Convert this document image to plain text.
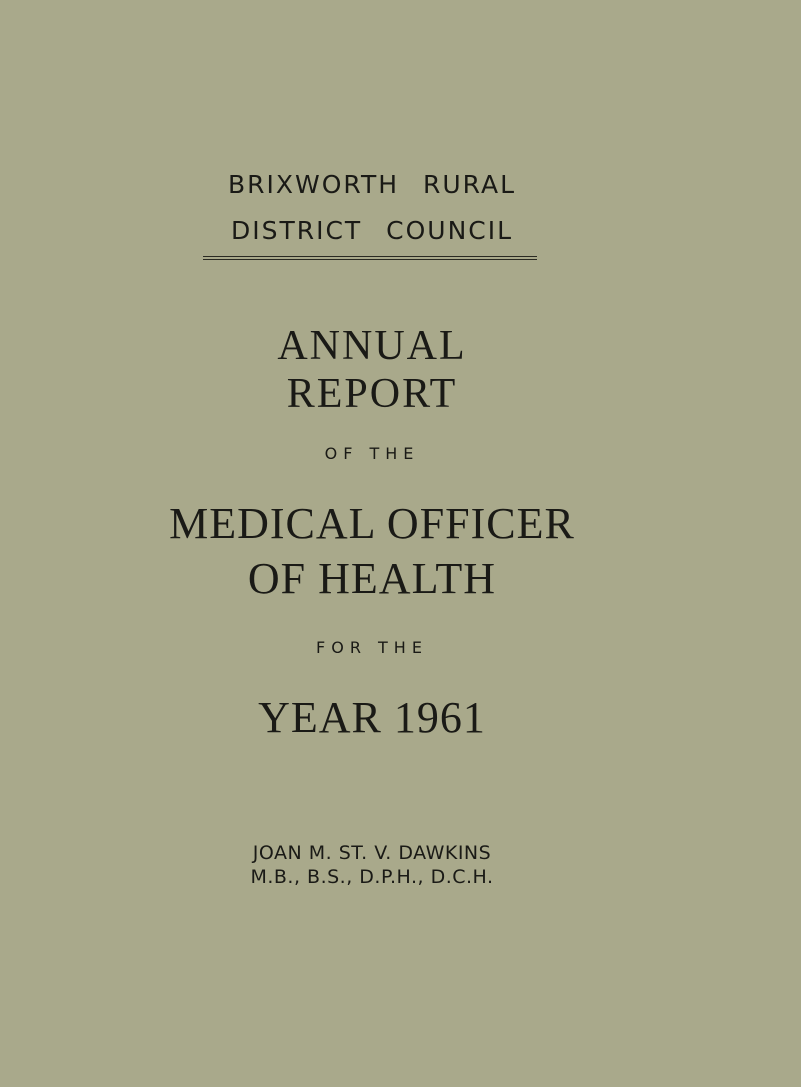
BRIXWORTH RURAL
DISTRICT COUNCIL
ANNUAL
REPORT
OF THE
MEDICAL OFFICER
OF HEALTH
FOR THE
YEAR 1961
JOAN M. ST. V. DAWKINS
M.B., B.S., D.P.H., D.C.H.
